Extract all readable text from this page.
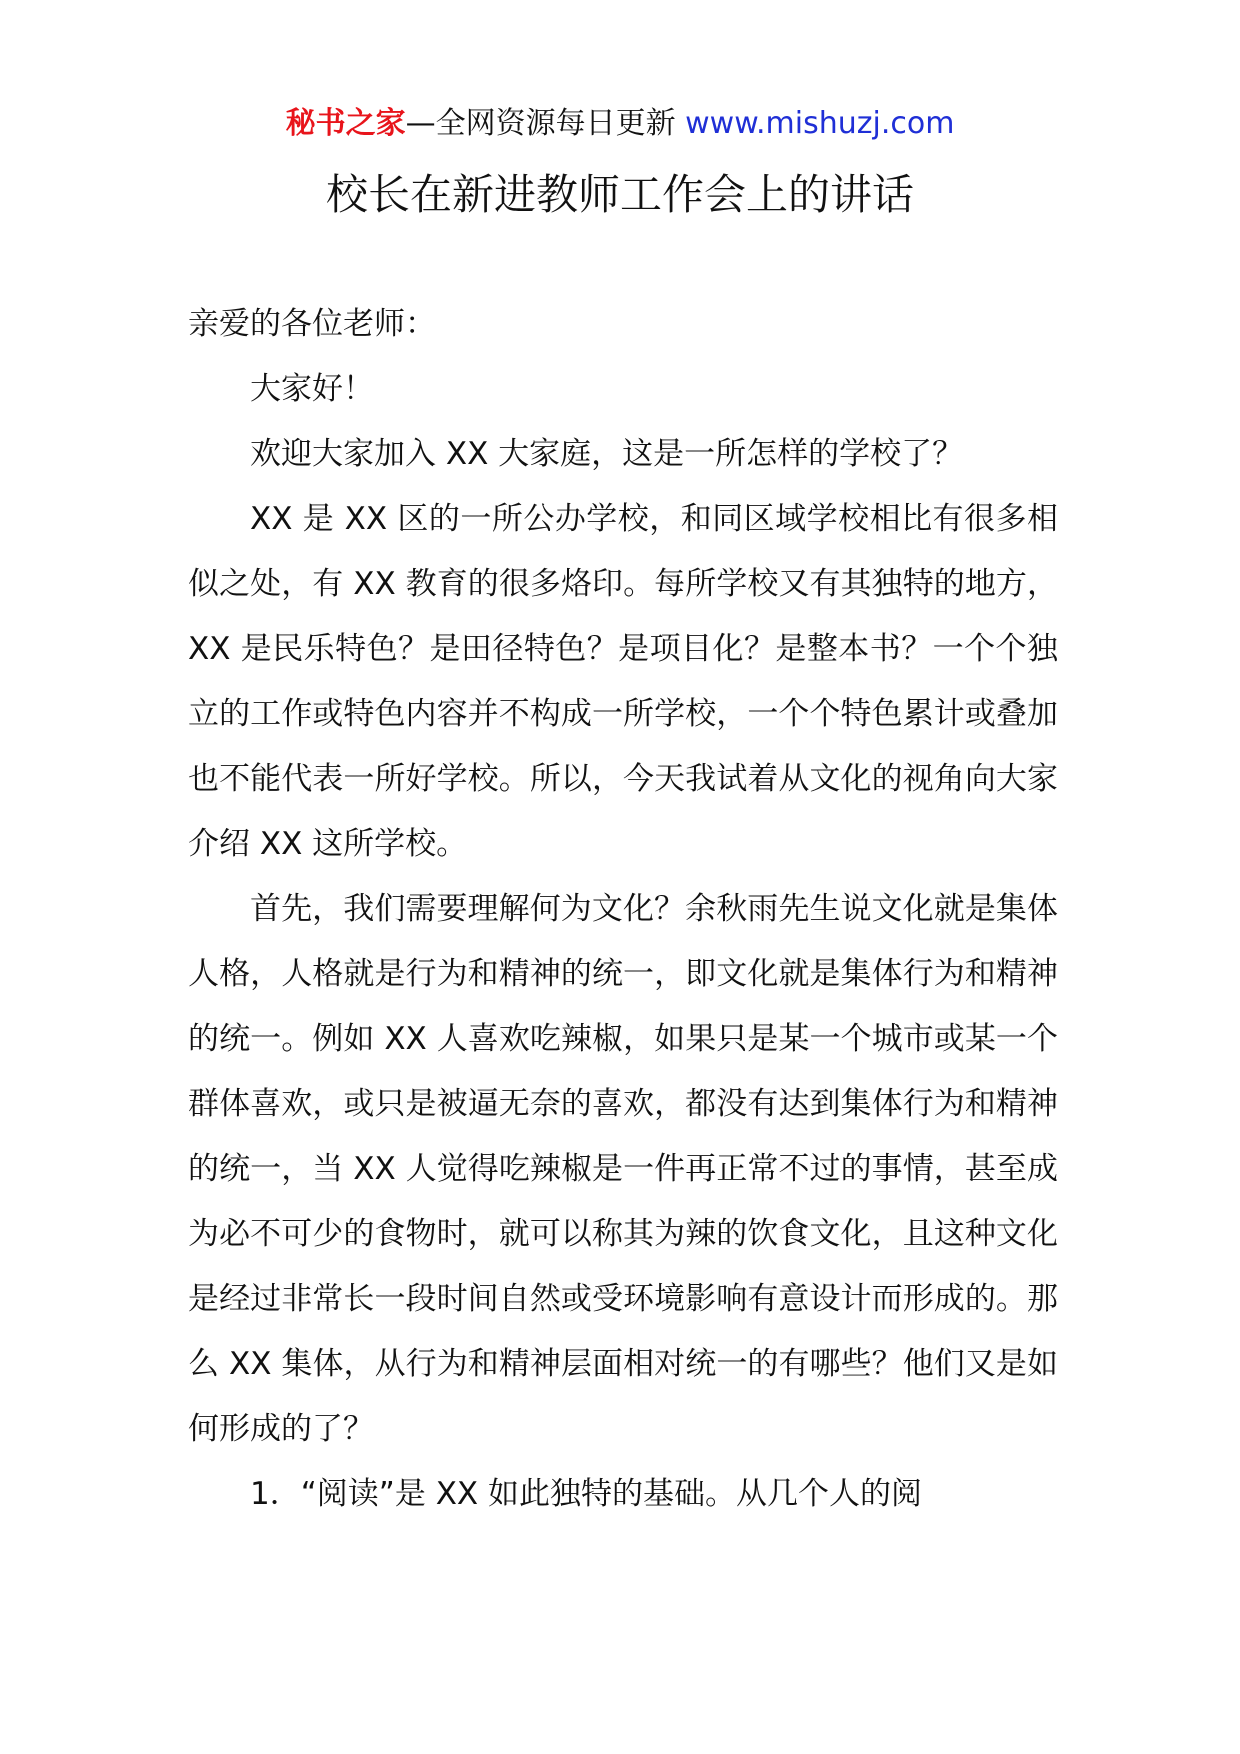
秘书之家—全网资源每日更新 www.mishuzj.com
校长在新进教师工作会上的讲话

亲爱的各位老师：

大家好！

欢迎大家加入 XX 大家庭，这是一所怎样的学校了？

XX 是 XX 区的一所公办学校，和同区域学校相比有很多相似之处，有 XX 教育的很多烙印。每所学校又有其独特的地方，XX 是民乐特色？是田径特色？是项目化？是整本书？一个个独立的工作或特色内容并不构成一所学校，一个个特色累计或叠加也不能代表一所好学校。所以，今天我试着从文化的视角向大家介绍 XX 这所学校。

首先，我们需要理解何为文化？余秋雨先生说文化就是集体人格，人格就是行为和精神的统一，即文化就是集体行为和精神的统一。例如 XX 人喜欢吃辣椒，如果只是某一个城市或某一个群体喜欢，或只是被逼无奈的喜欢，都没有达到集体行为和精神的统一，当 XX 人觉得吃辣椒是一件再正常不过的事情，甚至成为必不可少的食物时，就可以称其为辣的饮食文化，且这种文化是经过非常长一段时间自然或受环境影响有意设计而形成的。那么 XX 集体，从行为和精神层面相对统一的有哪些？他们又是如何形成的了？

1．“阅读”是 XX 如此独特的基础。从几个人的阅
